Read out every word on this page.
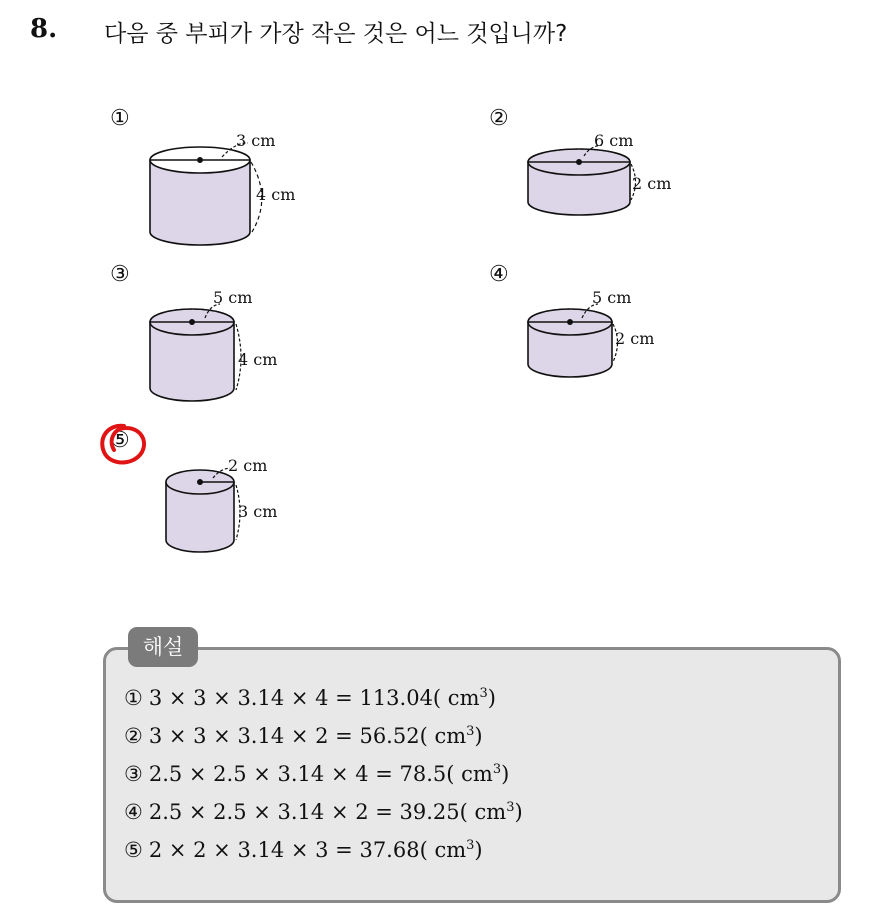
8. 다음 중 부피가 가장 작은 것은 어느 것입니까?
①	②
③	④
⑤
3 cm
4 cm
6 cm
2 cm
5 cm
4 cm
5 cm
2 cm
2 cm
3 cm
해설
① 3 × 3 × 3.14 × 4 = 113.04( $cm^3$)
② 3 × 3 × 3.14 × 2 = 56.52( $cm^3$)
③ 2.5 × 2.5 × 3.14 × 4 = 78.5( $cm^3$)
④ 2.5 × 2.5 × 3.14 × 2 = 39.25( $cm^3$)
⑤ 2 × 2 × 3.14 × 3 = 37.68( $cm^3$)
